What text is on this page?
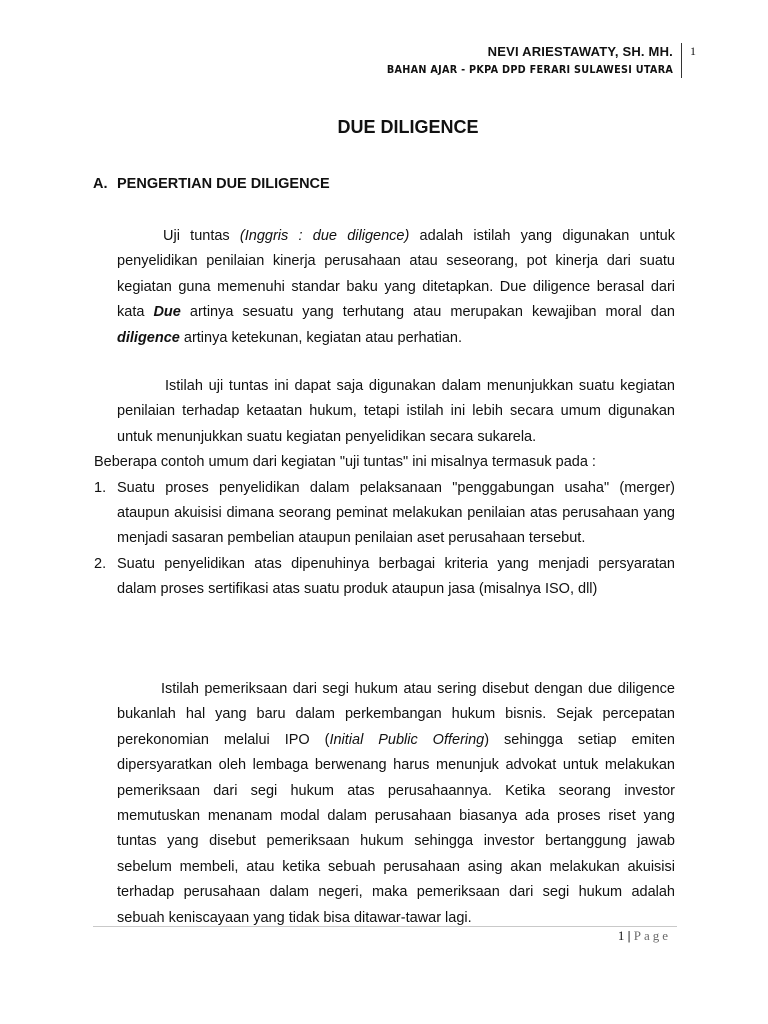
NEVI ARIESTAWATY, SH. MH.
BAHAN AJAR - PKPA DPD FERARI SULAWESI UTARA
1
DUE DILIGENCE
A. PENGERTIAN DUE DILIGENCE

Uji tuntas (Inggris : due diligence) adalah istilah yang digunakan untuk penyelidikan penilaian kinerja perusahaan atau seseorang, pot kinerja dari suatu kegiatan guna memenuhi standar baku yang ditetapkan. Due diligence berasal dari kata Due artinya sesuatu yang terhutang atau merupakan kewajiban moral dan diligence artinya ketekunan, kegiatan atau perhatian.

Istilah uji tuntas ini dapat saja digunakan dalam menunjukkan suatu kegiatan penilaian terhadap ketaatan hukum, tetapi istilah ini lebih secara umum digunakan untuk menunjukkan suatu kegiatan penyelidikan secara sukarela.

Beberapa contoh umum dari kegiatan "uji tuntas" ini misalnya termasuk pada :
1. Suatu proses penyelidikan dalam pelaksanaan "penggabungan usaha" (merger) ataupun akuisisi dimana seorang peminat melakukan penilaian atas perusahaan yang menjadi sasaran pembelian ataupun penilaian aset perusahaan tersebut.
2. Suatu penyelidikan atas dipenuhinya berbagai kriteria yang menjadi persyaratan dalam proses sertifikasi atas suatu produk ataupun jasa (misalnya ISO, dll)

Istilah pemeriksaan dari segi hukum atau sering disebut dengan due diligence bukanlah hal yang baru dalam perkembangan hukum bisnis. Sejak percepatan perekonomian melalui IPO (Initial Public Offering) sehingga setiap emiten dipersyaratkan oleh lembaga berwenang harus menunjuk advokat untuk melakukan pemeriksaan dari segi hukum atas perusahaannya. Ketika seorang investor memutuskan menanam modal dalam perusahaan biasanya ada proses riset yang tuntas yang disebut pemeriksaan hukum sehingga investor bertanggung jawab sebelum membeli, atau ketika sebuah perusahaan asing akan melakukan akuisisi terhadap perusahaan dalam negeri, maka pemeriksaan dari segi hukum adalah sebuah keniscayaan yang tidak bisa ditawar-tawar lagi.

1 | Page
